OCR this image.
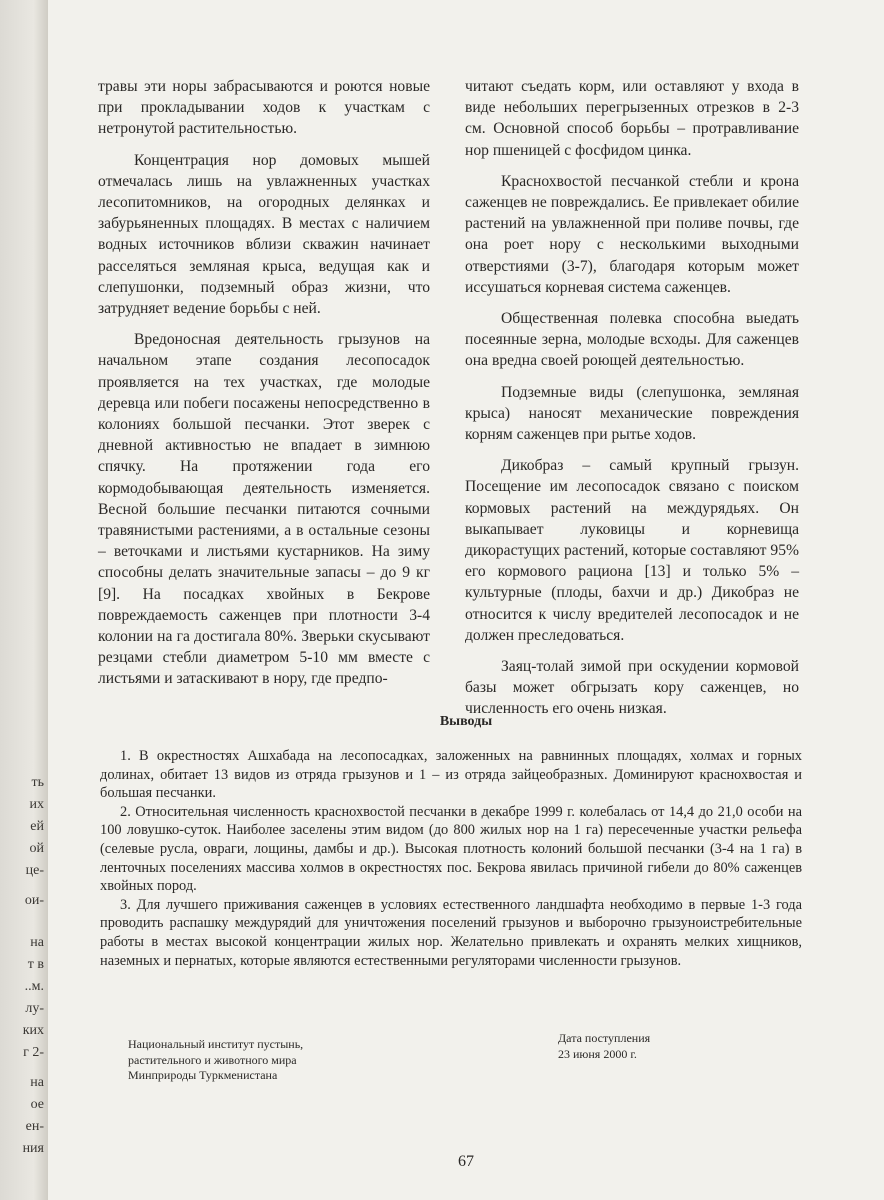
ть
их
ей
ой
це-
ои-
на
т в
..м.
лу-
ких
г 2-
на
ое
ен-
ния

травы эти норы забрасываются и роются новые при прокладывании ходов к участкам с нетронутой растительностью.

Концентрация нор домовых мышей отмечалась лишь на увлажненных участках лесопитомников, на огородных делянках и забурьяненных площадях. В местах с наличием водных источников вблизи скважин начинает расселяться земляная крыса, ведущая как и слепушонки, подземный образ жизни, что затрудняет ведение борьбы с ней.

Вредоносная деятельность грызунов на начальном этапе создания лесопосадок проявляется на тех участках, где молодые деревца или побеги посажены непосредственно в колониях большой песчанки. Этот зверек с дневной активностью не впадает в зимнюю спячку. На протяжении года его кормодобывающая деятельность изменяется. Весной большие песчанки питаются сочными травянистыми растениями, а в остальные сезоны – веточками и листьями кустарников. На зиму способны делать значительные запасы – до 9 кг [9]. На посадках хвойных в Бекрове повреждаемость саженцев при плотности 3-4 колонии на га достигала 80%. Зверьки скусывают резцами стебли диаметром 5-10 мм вместе с листьями и затаскивают в нору, где предпо-

читают съедать корм, или оставляют у входа в виде небольших перегрызенных отрезков в 2-3 см. Основной способ борьбы – протравливание нор пшеницей с фосфидом цинка.

Краснохвостой песчанкой стебли и крона саженцев не повреждались. Ее привлекает обилие растений на увлажненной при поливе почвы, где она роет нору с несколькими выходными отверстиями (3-7), благодаря которым может иссушаться корневая система саженцев.

Общественная полевка способна выедать посеянные зерна, молодые всходы. Для саженцев она вредна своей роющей деятельностью.

Подземные виды (слепушонка, земляная крыса) наносят механические повреждения корням саженцев при рытье ходов.

Дикобраз – самый крупный грызун. Посещение им лесопосадок связано с поиском кормовых растений на междурядьях. Он выкапывает луковицы и корневища дикорастущих растений, которые составляют 95% его кормового рациона [13] и только 5% – культурные (плоды, бахчи и др.) Дикобраз не относится к числу вредителей лесопосадок и не должен преследоваться.

Заяц-толай зимой при оскудении кормовой базы может обгрызать кору саженцев, но численность его очень низкая.

Выводы

1. В окрестностях Ашхабада на лесопосадках, заложенных на равнинных площадях, холмах и горных долинах, обитает 13 видов из отряда грызунов и 1 – из отряда зайцеобразных. Доминируют краснохвостая и большая песчанки.

2. Относительная численность краснохвостой песчанки в декабре 1999 г. колебалась от 14,4 до 21,0 особи на 100 ловушко-суток. Наиболее заселены этим видом (до 800 жилых нор на 1 га) пересеченные участки рельефа (селевые русла, овраги, лощины, дамбы и др.). Высокая плотность колоний большой песчанки (3-4 на 1 га) в ленточных поселениях массива холмов в окрестностях пос. Бекрова явилась причиной гибели до 80% саженцев хвойных пород.

3. Для лучшего приживания саженцев в условиях естественного ландшафта необходимо в первые 1-3 года проводить распашку междурядий для уничтожения поселений грызунов и выборочно грызуноистребительные работы в местах высокой концентрации жилых нор. Желательно привлекать и охранять мелких хищников, наземных и пернатых, которые являются естественными регуляторами численности грызунов.

Национальный институт пустынь,
растительного и животного мира
Минприроды Туркменистана
Дата поступления
23 июня 2000 г.
67
